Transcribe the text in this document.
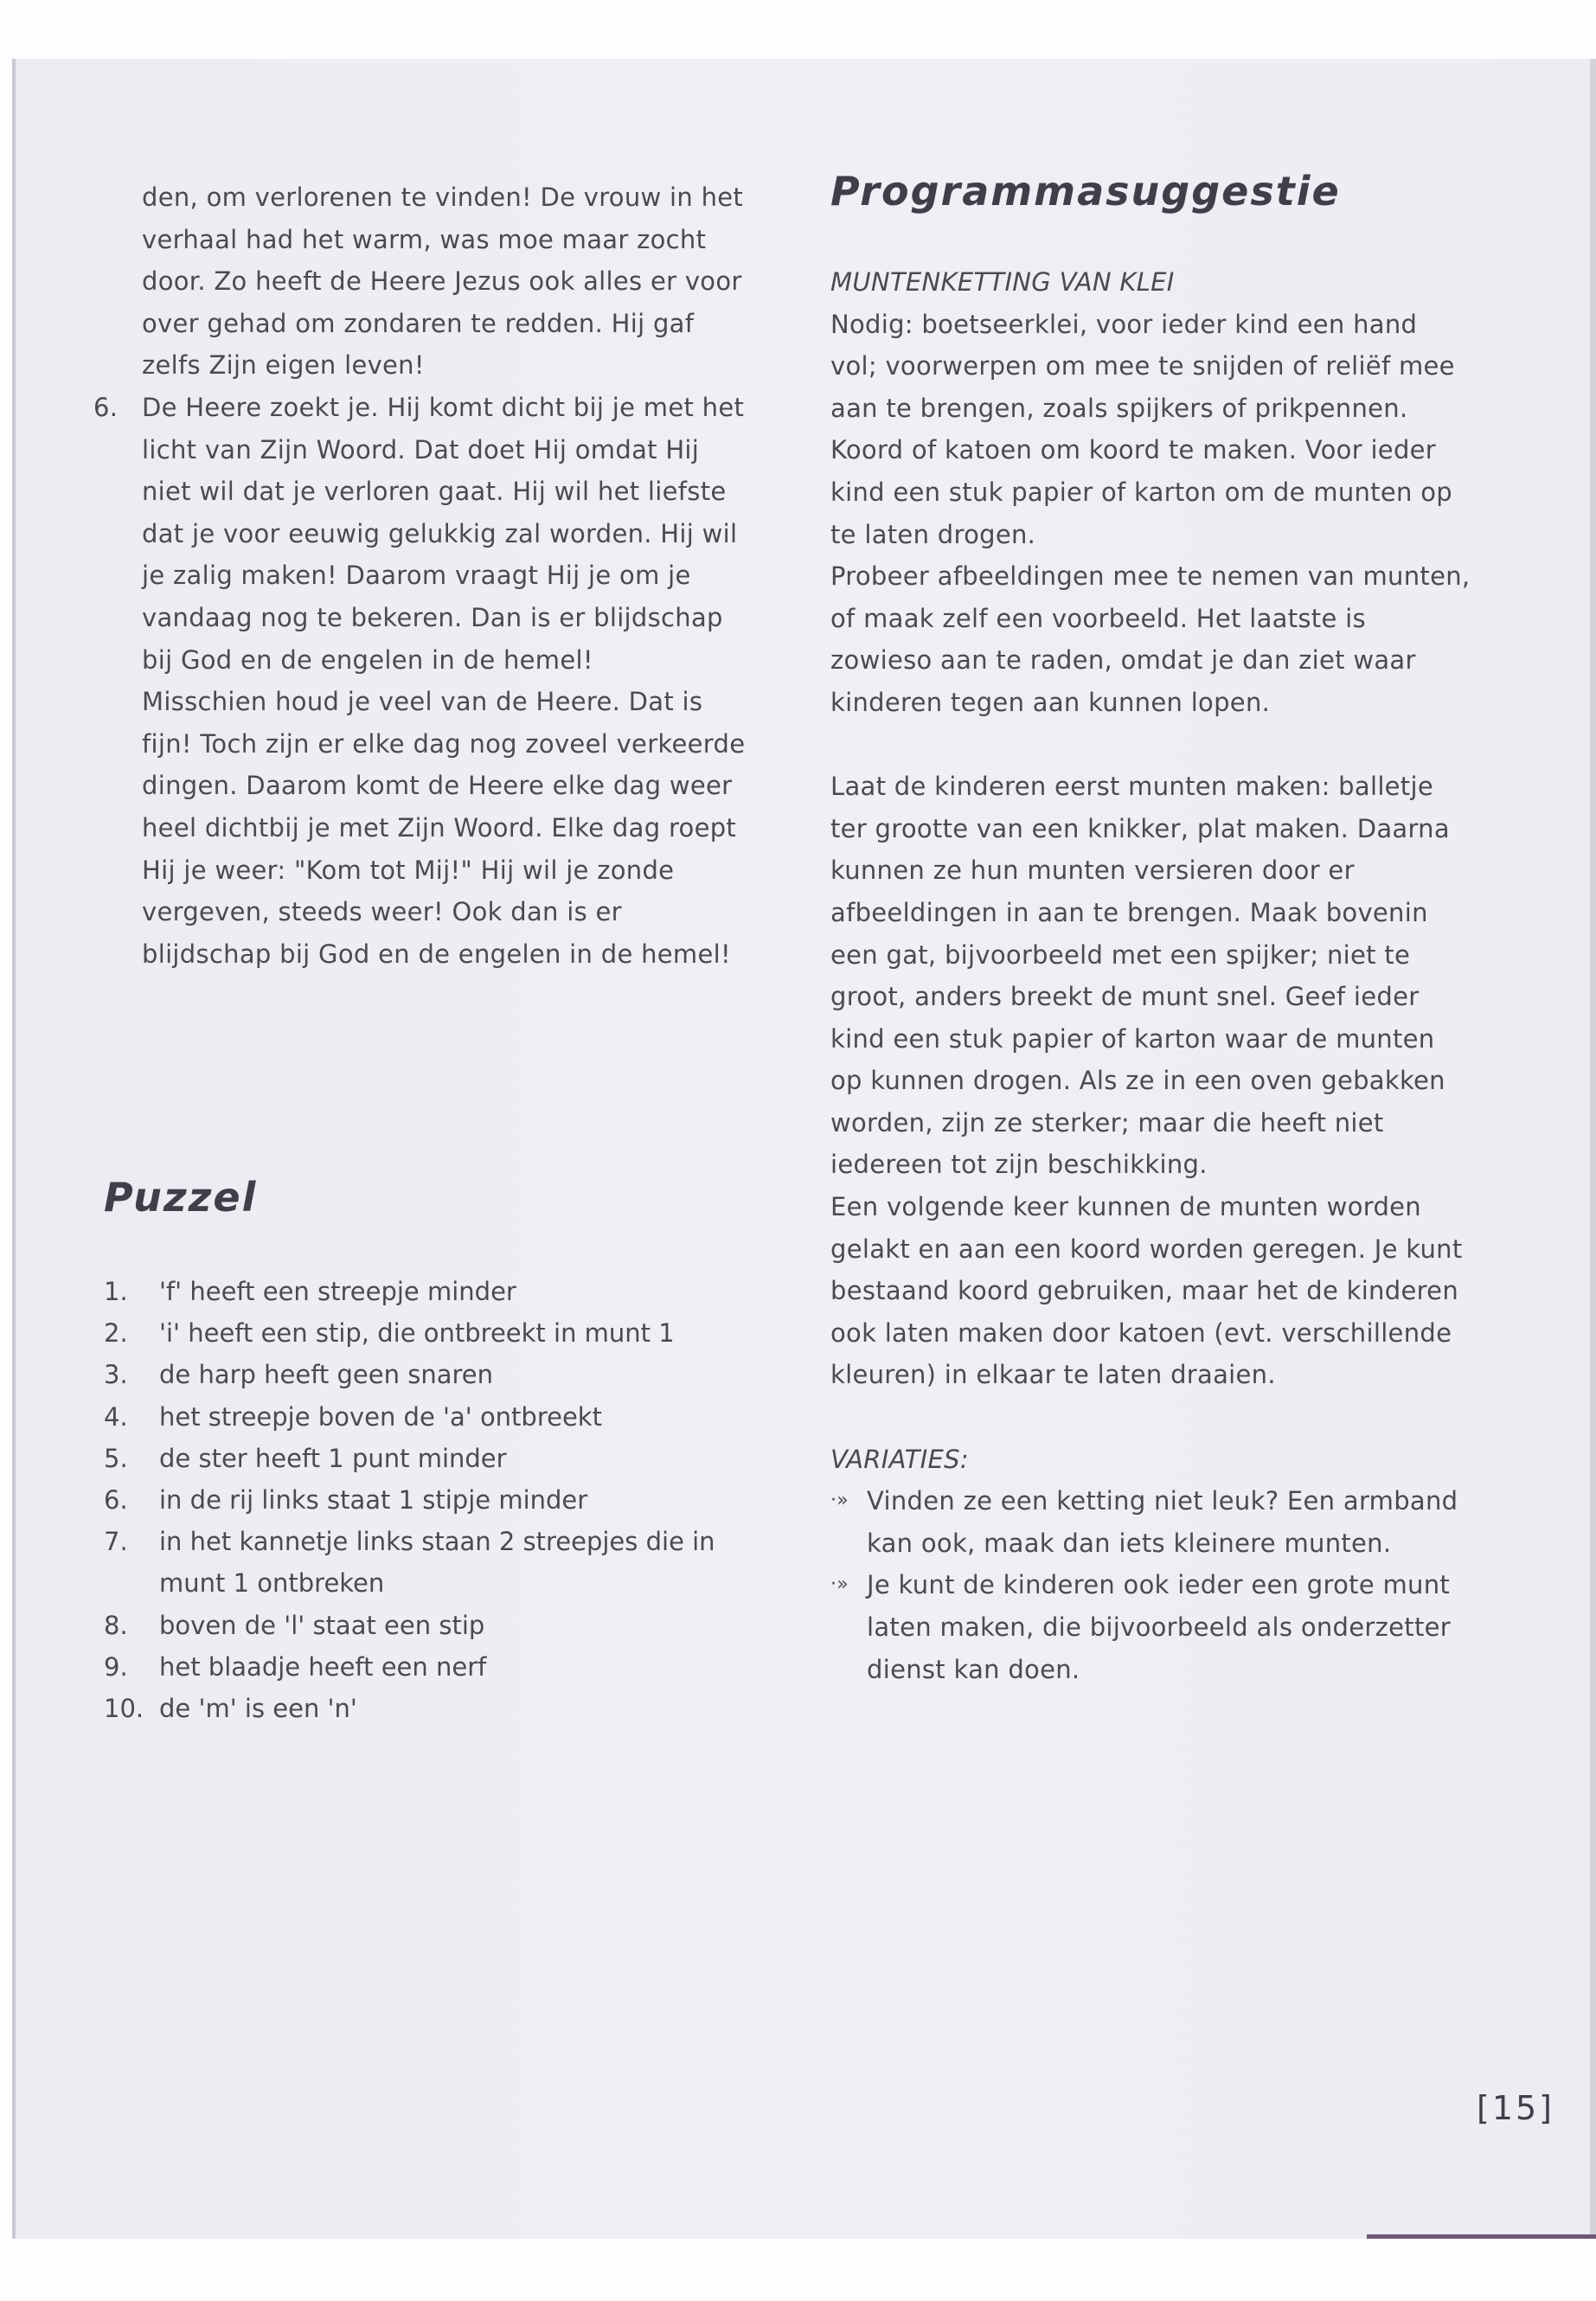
den, om verlorenen te vinden! De vrouw in het verhaal had het warm, was moe maar zocht door. Zo heeft de Heere Jezus ook alles er voor over gehad om zondaren te redden. Hij gaf zelfs Zijn eigen leven!

6. De Heere zoekt je. Hij komt dicht bij je met het licht van Zijn Woord. Dat doet Hij omdat Hij niet wil dat je verloren gaat. Hij wil het liefste dat je voor eeuwig gelukkig zal worden. Hij wil je zalig maken! Daarom vraagt Hij je om je vandaag nog te bekeren. Dan is er blijdschap bij God en de engelen in de hemel!

Misschien houd je veel van de Heere. Dat is fijn! Toch zijn er elke dag nog zoveel verkeerde dingen. Daarom komt de Heere elke dag weer heel dichtbij je met Zijn Woord. Elke dag roept Hij je weer: "Kom tot Mij!" Hij wil je zonde vergeven, steeds weer! Ook dan is er blijdschap bij God en de engelen in de hemel!

Puzzel
1. 'f' heeft een streepje minder
2. 'i' heeft een stip, die ontbreekt in munt 1
3. de harp heeft geen snaren
4. het streepje boven de 'a' ontbreekt
5. de ster heeft 1 punt minder
6. in de rij links staat 1 stipje minder
7. in het kannetje links staan 2 streepjes die in munt 1 ontbreken
8. boven de 'l' staat een stip
9. het blaadje heeft een nerf
10. de 'm' is een 'n'
Programmasuggestie

MUNTENKETTING VAN KLEI

Nodig: boetseerklei, voor ieder kind een hand vol; voorwerpen om mee te snijden of reliëf mee aan te brengen, zoals spijkers of prikpennen. Koord of katoen om koord te maken. Voor ieder kind een stuk papier of karton om de munten op te laten drogen.

Probeer afbeeldingen mee te nemen van munten, of maak zelf een voorbeeld. Het laatste is zowieso aan te raden, omdat je dan ziet waar kinderen tegen aan kunnen lopen.

Laat de kinderen eerst munten maken: balletje ter grootte van een knikker, plat maken. Daarna kunnen ze hun munten versieren door er afbeeldingen in aan te brengen. Maak bovenin een gat, bijvoorbeeld met een spijker; niet te groot, anders breekt de munt snel. Geef ieder kind een stuk papier of karton waar de munten op kunnen drogen. Als ze in een oven gebakken worden, zijn ze sterker; maar die heeft niet iedereen tot zijn beschikking.

Een volgende keer kunnen de munten worden gelakt en aan een koord worden geregen. Je kunt bestaand koord gebruiken, maar het de kinderen ook laten maken door katoen (evt. verschillende kleuren) in elkaar te laten draaien.

VARIATIES:

·» Vinden ze een ketting niet leuk? Een armband kan ook, maak dan iets kleinere munten.

·» Je kunt de kinderen ook ieder een grote munt laten maken, die bijvoorbeeld als onderzetter dienst kan doen.

[15]
